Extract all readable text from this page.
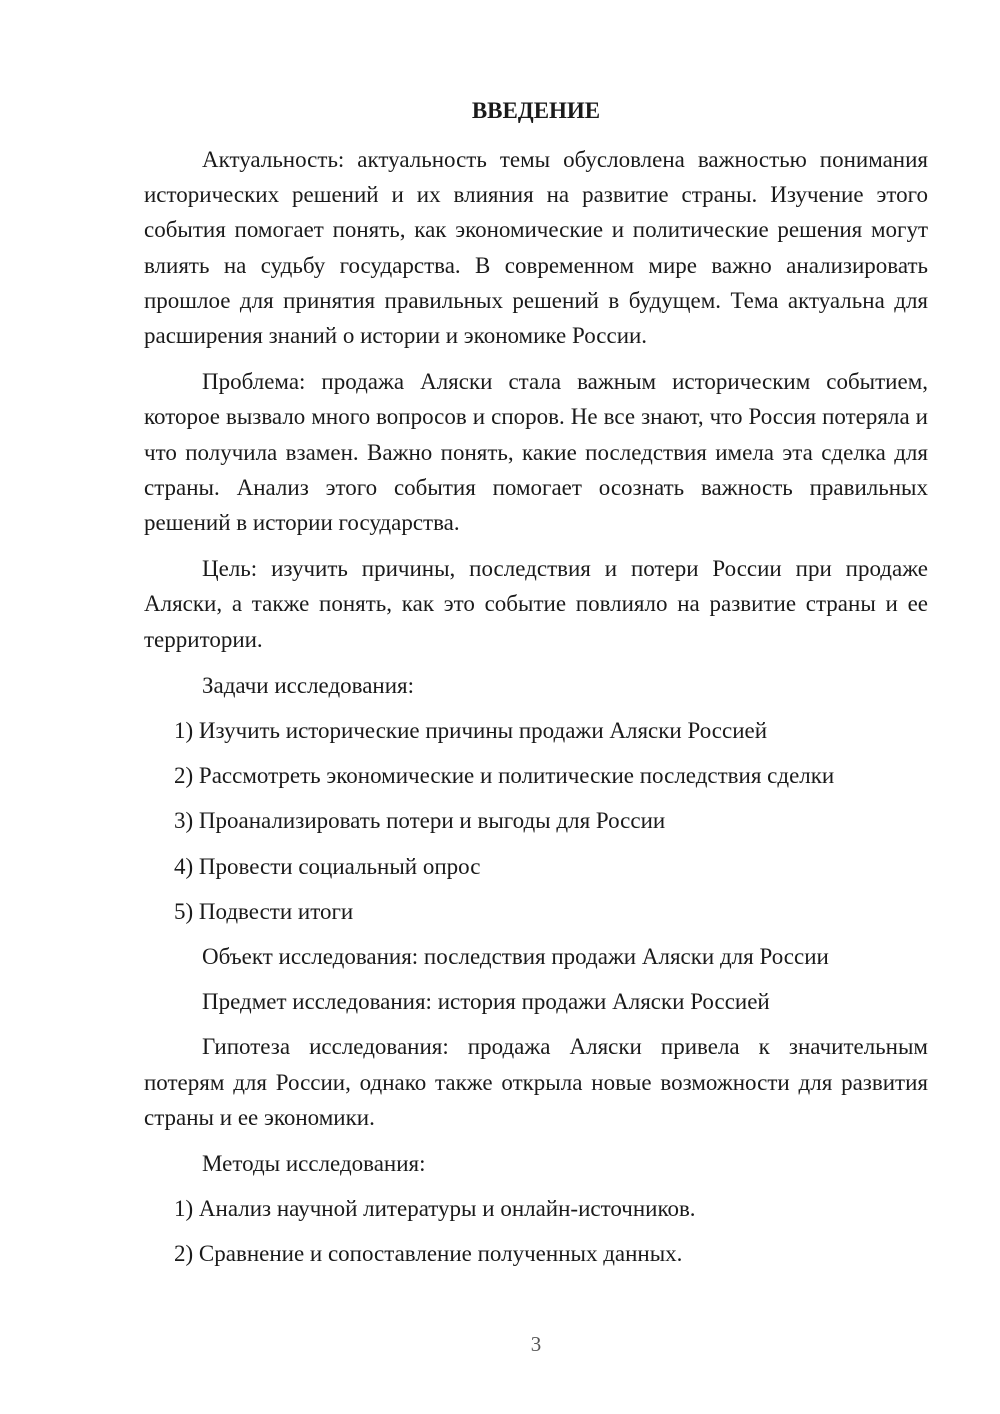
ВВЕДЕНИЕ

Актуальность: актуальность темы обусловлена важностью понимания исторических решений и их влияния на развитие страны. Изучение этого события помогает понять, как экономические и политические решения могут влиять на судьбу государства. В современном мире важно анализировать прошлое для принятия правильных решений в будущем. Тема актуальна для расширения знаний о истории и экономике России.

Проблема: продажа Аляски стала важным историческим событием, которое вызвало много вопросов и споров. Не все знают, что Россия потеряла и что получила взамен. Важно понять, какие последствия имела эта сделка для страны. Анализ этого события помогает осознать важность правильных решений в истории государства.

Цель: изучить причины, последствия и потери России при продаже Аляски, а также понять, как это событие повлияло на развитие страны и ее территории.

Задачи исследования:

1) Изучить исторические причины продажи Аляски Россией

2) Рассмотреть экономические и политические последствия сделки

3) Проанализировать потери и выгоды для России

4) Провести социальный опрос

5) Подвести итоги

Объект исследования: последствия продажи Аляски для России

Предмет исследования: история продажи Аляски Россией

Гипотеза исследования: продажа Аляски привела к значительным потерям для России, однако также открыла новые возможности для развития страны и ее экономики.

Методы исследования:

1) Анализ научной литературы и онлайн-источников.

2) Сравнение и сопоставление полученных данных.

3
